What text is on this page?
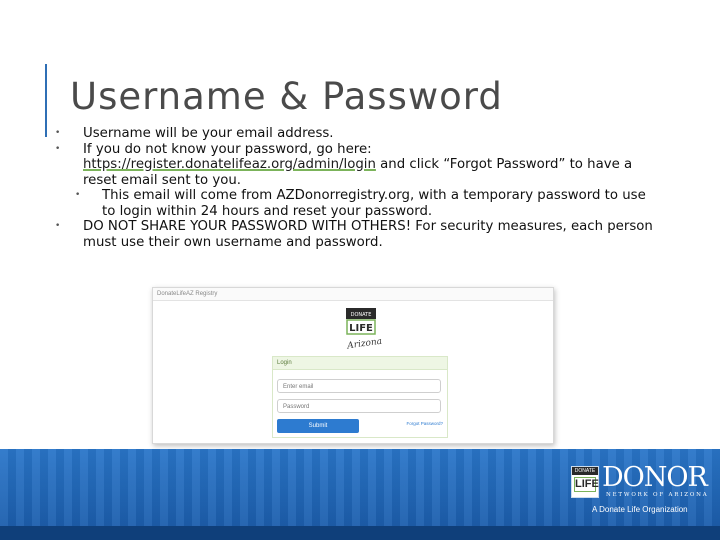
Username & Password
• Username will be your email address.
• If you do not know your password, go here: https://register.donatelifeaz.org/admin/login and click “Forgot Password” to have a reset email sent to you.
• This email will come from AZDonorregistry.org, with a temporary password to use to login within 24 hours and reset your password.
• DO NOT SHARE YOUR PASSWORD WITH OTHERS! For security measures, each person must use their own username and password.
DonateLifeAZ Registry
DONATE
LIFE
Arizona
Login
Enter email
Password
Submit	Forgot Password?
DONATE
LIFE DONOR
NETWORK OF ARIZONA
A Donate Life Organization
